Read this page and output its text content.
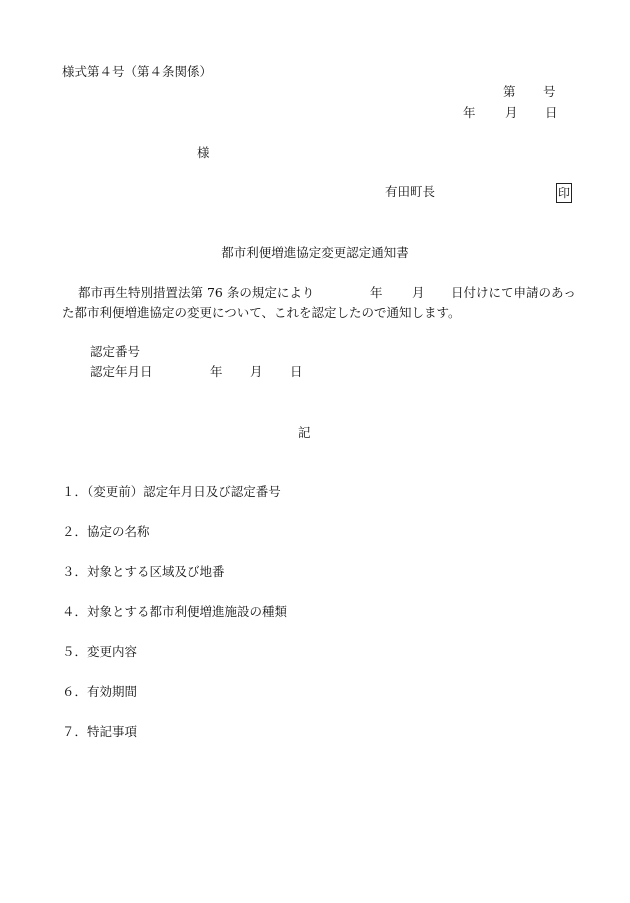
様式第４号（第４条関係）
第 号
年 月 日
様
有田町長	印
都市利便増進協定変更認定通知書
都市再生特別措置法第 76 条の規定により	年 月 日付けにて申請のあっ
た都市利便増進協定の変更について、これを認定したので通知します。
認定番号
認定年月日	年 月 日
記
１．（変更前）認定年月日及び認定番号
２．協定の名称
３．対象とする区域及び地番
４．対象とする都市利便増進施設の種類
５．変更内容
６．有効期間
７．特記事項
